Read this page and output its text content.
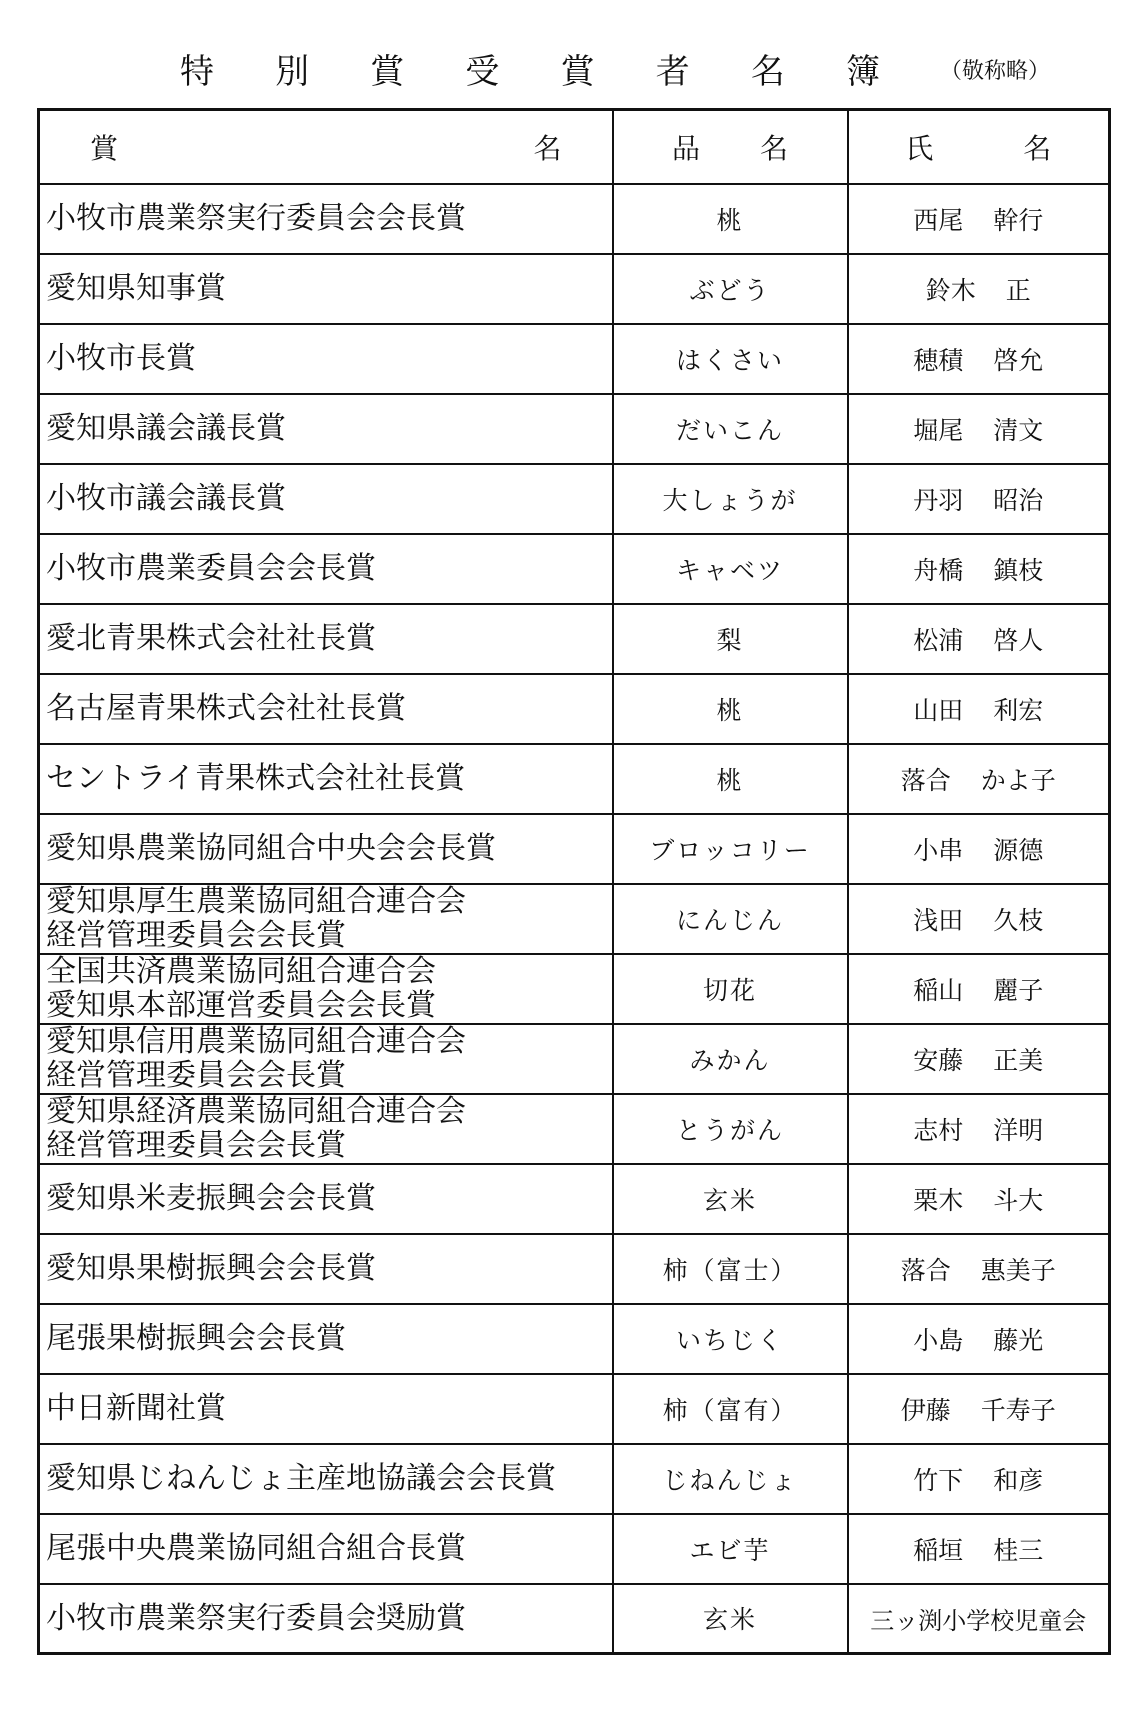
特 別 賞 受 賞 者 名 簿	（敬称略）
賞 名	品 名	氏 名

小牧市農業祭実行委員会会長賞	桃	西尾 幹行

愛知県知事賞	ぶどう	鈴木 正

小牧市長賞	はくさい	穂積 啓允

愛知県議会議長賞	だいこん	堀尾 清文

小牧市議会議長賞	大しょうが	丹羽 昭治

小牧市農業委員会会長賞	キャベツ	舟橋 鎮枝

愛北青果株式会社社長賞	梨	松浦 啓人

名古屋青果株式会社社長賞	桃	山田 利宏

セントライ青果株式会社社長賞	桃	落合 かよ子

愛知県農業協同組合中央会会長賞	ブロッコリー	小串 源德

愛知県厚生農業協同組合連合会
経営管理委員会会長賞	にんじん	浅田 久枝

全国共済農業協同組合連合会
愛知県本部運営委員会会長賞	切花	稲山 麗子

愛知県信用農業協同組合連合会
経営管理委員会会長賞	みかん	安藤 正美

愛知県経済農業協同組合連合会
経営管理委員会会長賞	とうがん	志村 洋明

愛知県米麦振興会会長賞	玄米	栗木 斗大

愛知県果樹振興会会長賞	柿（富士）	落合 惠美子

尾張果樹振興会会長賞	いちじく	小島 藤光

中日新聞社賞	柿（富有）	伊藤 千寿子

愛知県じねんじょ主産地協議会会長賞	じねんじょ	竹下 和彦

尾張中央農業協同組合組合長賞	エビ芋	稲垣 桂三

小牧市農業祭実行委員会奨励賞	玄米	三ッ渕小学校児童会
